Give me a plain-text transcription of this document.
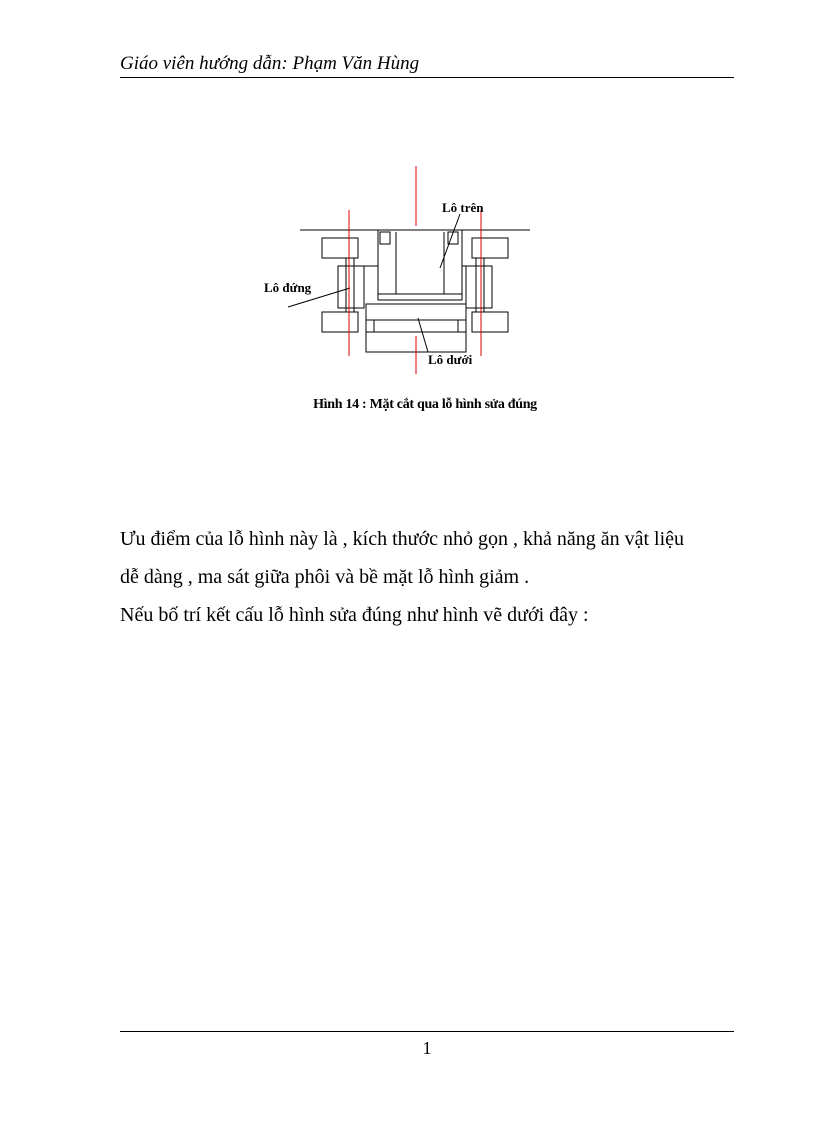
Giáo viên hướng dẫn: Phạm Văn Hùng
Lô trên
Lô đứng
Lô dưới
Hình 14 : Mặt cắt qua lỗ hình sửa đúng

Ưu điểm của lỗ hình này là , kích thước nhỏ gọn , khả năng ăn vật liệu

dễ dàng , ma sát giữa phôi và bề mặt lỗ hình giảm .

Nếu bố trí kết cấu lỗ hình sửa đúng như hình vẽ dưới đây :

1
